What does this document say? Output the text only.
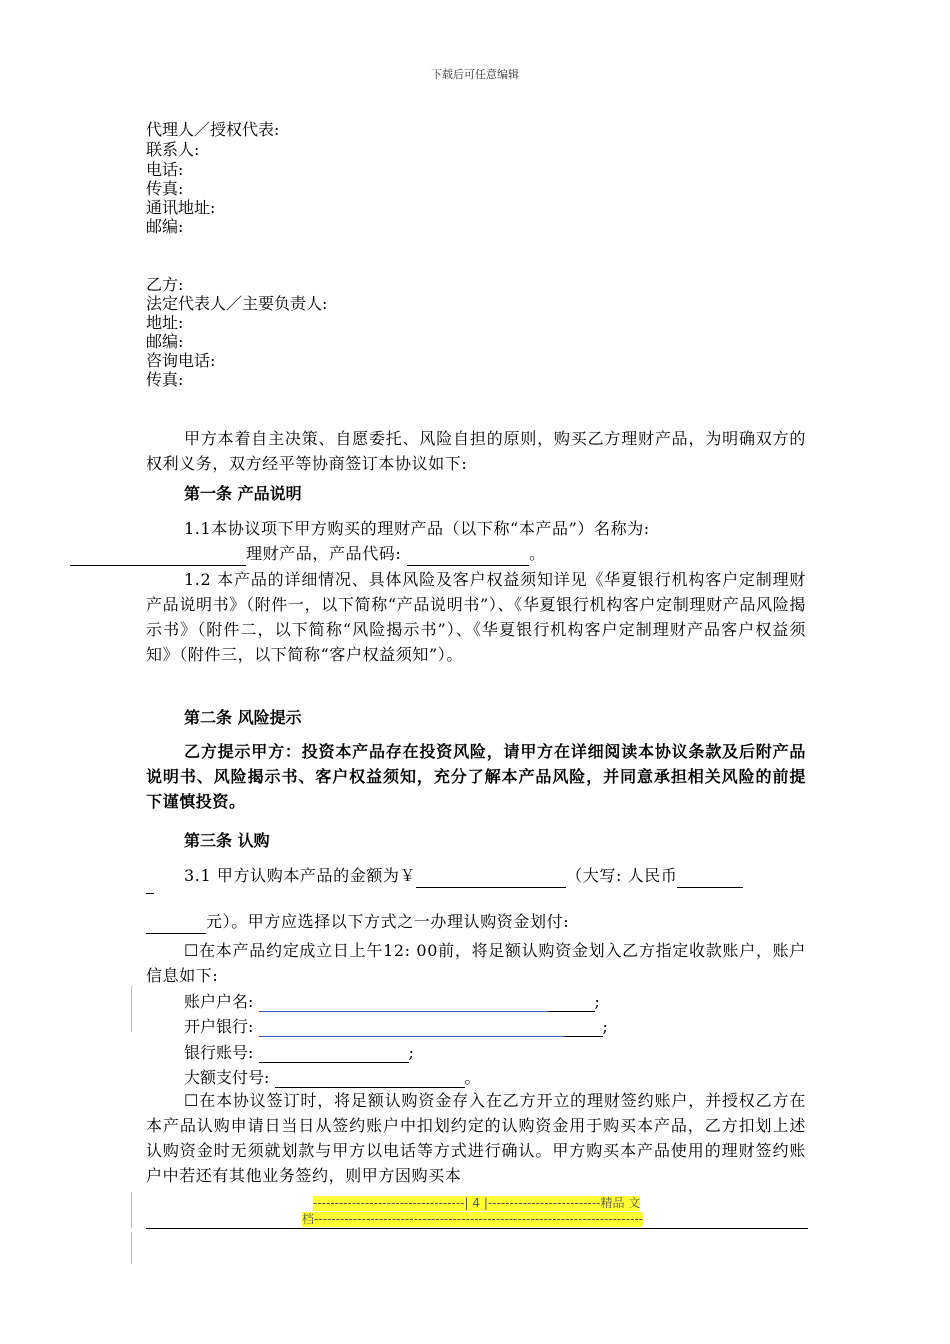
下载后可任意编辑
代理人／授权代表:
联系人:
电话:
传真:
通讯地址:
邮编:
乙方:
法定代表人／主要负责人:
地址:
邮编:
咨询电话:
传真:
甲方本着自主决策、自愿委托、风险自担的原则，购买乙方理财产品，为明确双方的权利义务，双方经平等协商签订本协议如下:
第一条 产品说明
1.1本协议项下甲方购买的理财产品（以下称“本产品”）名称为:
理财产品，产品代码:	。
1.2 本产品的详细情况、具体风险及客户权益须知详见《华夏银行机构客户定制理财产品说明书》（附件一，以下简称“产品说明书”）、《华夏银行机构客户定制理财产品风险揭示书》（附件二，以下简称“风险揭示书”）、《华夏银行机构客户定制理财产品客户权益须知》（附件三，以下简称“客户权益须知”）。
第二条 风险提示
乙方提示甲方：投资本产品存在投资风险，请甲方在详细阅读本协议条款及后附产品说明书、风险揭示书、客户权益须知，充分了解本产品风险，并同意承担相关风险的前提下谨慎投资。
第三条 认购
3.1 甲方认购本产品的金额为￥	（大写: 人民币
元）。甲方应选择以下方式之一办理认购资金划付:
☐在本产品约定成立日上午12: 00前，将足额认购资金划入乙方指定收款账户，账户信息如下:
账户户名:	;
开户银行:	;
银行账号:	;
大额支付号:	。
☐在本协议签订时，将足额认购资金存入在乙方开立的理财签约账户，并授权乙方在本产品认购申请日当日从签约账户中扣划约定的认购资金用于购买本产品，乙方扣划上述认购资金时无须就划款与甲方以电话等方式进行确认。甲方购买本产品使用的理财签约账户中若还有其他业务签约，则甲方因购买本
-----------------------------------| 4 |--------------------------精品 文
档----------------------------------------------------------------------------
